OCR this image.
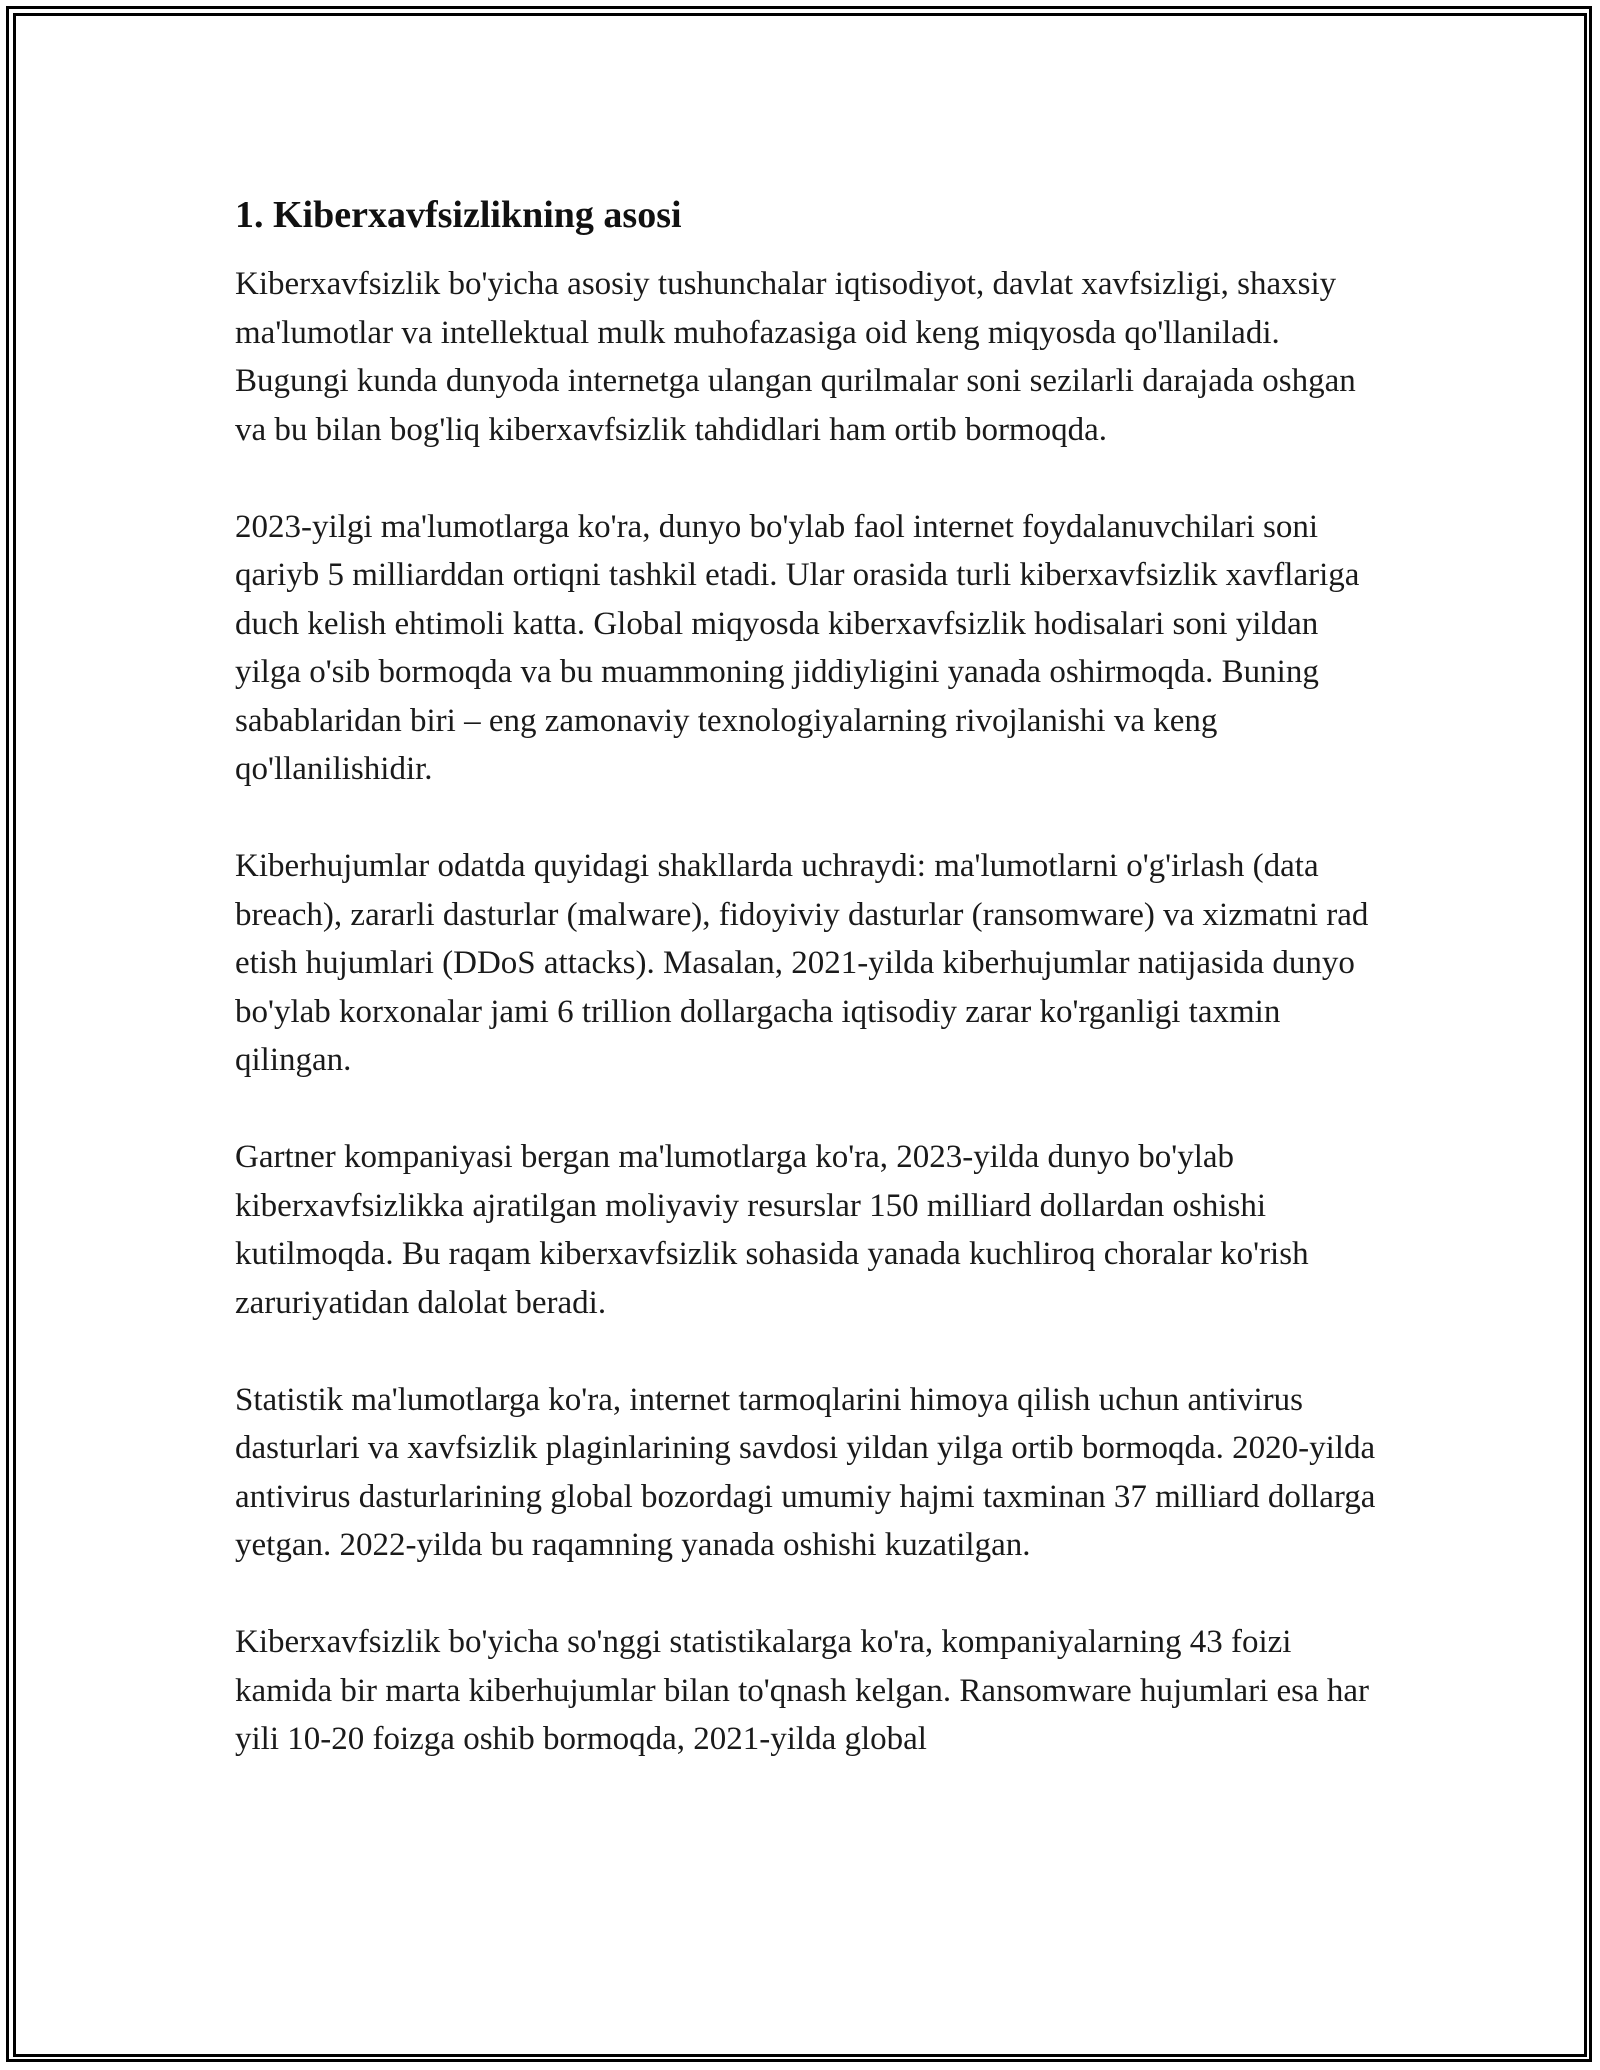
1. Kiberxavfsizlikning asosi

Kiberxavfsizlik bo'yicha asosiy tushunchalar iqtisodiyot, davlat xavfsizligi, shaxsiy ma'lumotlar va intellektual mulk muhofazasiga oid keng miqyosda qo'llaniladi. Bugungi kunda dunyoda internetga ulangan qurilmalar soni sezilarli darajada oshgan va bu bilan bog'liq kiberxavfsizlik tahdidlari ham ortib bormoqda.

2023-yilgi ma'lumotlarga ko'ra, dunyo bo'ylab faol internet foydalanuvchilari soni qariyb 5 milliarddan ortiqni tashkil etadi. Ular orasida turli kiberxavfsizlik xavflariga duch kelish ehtimoli katta. Global miqyosda kiberxavfsizlik hodisalari soni yildan yilga o'sib bormoqda va bu muammoning jiddiyligini yanada oshirmoqda. Buning sabablaridan biri – eng zamonaviy texnologiyalarning rivojlanishi va keng qo'llanilishidir.

Kiberhujumlar odatda quyidagi shakllarda uchraydi: ma'lumotlarni o'g'irlash (data breach), zararli dasturlar (malware), fidoyiviy dasturlar (ransomware) va xizmatni rad etish hujumlari (DDoS attacks). Masalan, 2021-yilda kiberhujumlar natijasida dunyo bo'ylab korxonalar jami 6 trillion dollargacha iqtisodiy zarar ko'rganligi taxmin qilingan.

Gartner kompaniyasi bergan ma'lumotlarga ko'ra, 2023-yilda dunyo bo'ylab kiberxavfsizlikka ajratilgan moliyaviy resurslar 150 milliard dollardan oshishi kutilmoqda. Bu raqam kiberxavfsizlik sohasida yanada kuchliroq choralar ko'rish zaruriyatidan dalolat beradi.

Statistik ma'lumotlarga ko'ra, internet tarmoqlarini himoya qilish uchun antivirus dasturlari va xavfsizlik plaginlarining savdosi yildan yilga ortib bormoqda. 2020-yilda antivirus dasturlarining global bozordagi umumiy hajmi taxminan 37 milliard dollarga yetgan. 2022-yilda bu raqamning yanada oshishi kuzatilgan.

Kiberxavfsizlik bo'yicha so'nggi statistikalarga ko'ra, kompaniyalarning 43 foizi kamida bir marta kiberhujumlar bilan to'qnash kelgan. Ransomware hujumlari esa har yili 10-20 foizga oshib bormoqda, 2021-yilda global
